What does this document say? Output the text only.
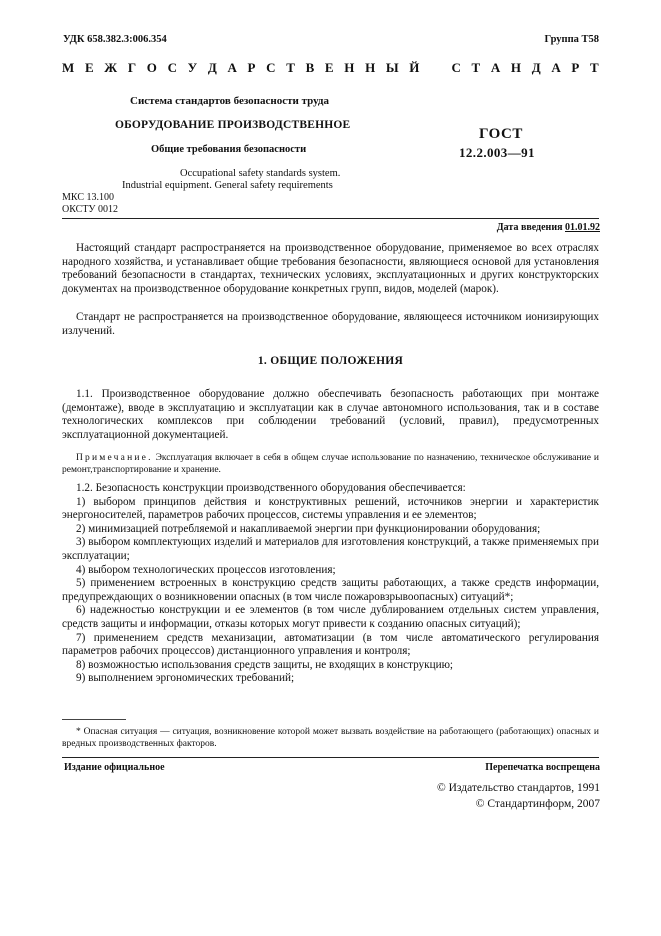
УДК 658.382.3:006.354	Группа Т58
М Е Ж Г О С У Д А Р С Т В Е Н Н Ы Й С Т А Н Д А Р Т
Система стандартов безопасности труда
ОБОРУДОВАНИЕ ПРОИЗВОДСТВЕННОЕ
Общие требования безопасности
ГОСТ
12.2.003—91
Occupational safety standards system.
Industrial equipment. General safety requirements
МКС 13.100
ОКСТУ 0012
Дата введения 01.01.92

Настоящий стандарт распространяется на производственное оборудование, применяемое во всех отраслях народного хозяйства, и устанавливает общие требования безопасности, являющиеся основой для установления требований безопасности в стандартах, технических условиях, эксплуатационных и других конструкторских документах на производственное оборудование конкретных групп, видов, моделей (марок).

Стандарт не распространяется на производственное оборудование, являющееся источником ионизирующих излучений.

1. ОБЩИЕ ПОЛОЖЕНИЯ

1.1. Производственное оборудование должно обеспечивать безопасность работающих при монтаже (демонтаже), вводе в эксплуатацию и эксплуатации как в случае автономного использования, так и в составе технологических комплексов при соблюдении требований (условий, правил), предусмотренных эксплуатационной документацией.

Примечание. Эксплуатация включает в себя в общем случае использование по назначению, техническое обслуживание и ремонт,транспортирование и хранение.

1.2. Безопасность конструкции производственного оборудования обеспечивается:

1) выбором принципов действия и конструктивных решений, источников энергии и характеристик энергоносителей, параметров рабочих процессов, системы управления и ее элементов;

2) минимизацией потребляемой и накапливаемой энергии при функционировании оборудования;

3) выбором комплектующих изделий и материалов для изготовления конструкций, а также применяемых при эксплуатации;

4) выбором технологических процессов изготовления;

5) применением встроенных в конструкцию средств защиты работающих, а также средств информации, предупреждающих о возникновении опасных (в том числе пожаровзрывоопасных) ситуаций*;

6) надежностью конструкции и ее элементов (в том числе дублированием отдельных систем управления, средств защиты и информации, отказы которых могут привести к созданию опасных ситуаций);

7) применением средств механизации, автоматизации (в том числе автоматического регулирования параметров рабочих процессов) дистанционного управления и контроля;

8) возможностью использования средств защиты, не входящих в конструкцию;

9) выполнением эргономических требований;

* Опасная ситуация — ситуация, возникновение которой может вызвать воздействие на работающего (работающих) опасных и вредных производственных факторов.

Издание официальное	Перепечатка воспрещена
© Издательство стандартов, 1991
© Стандартинформ, 2007
